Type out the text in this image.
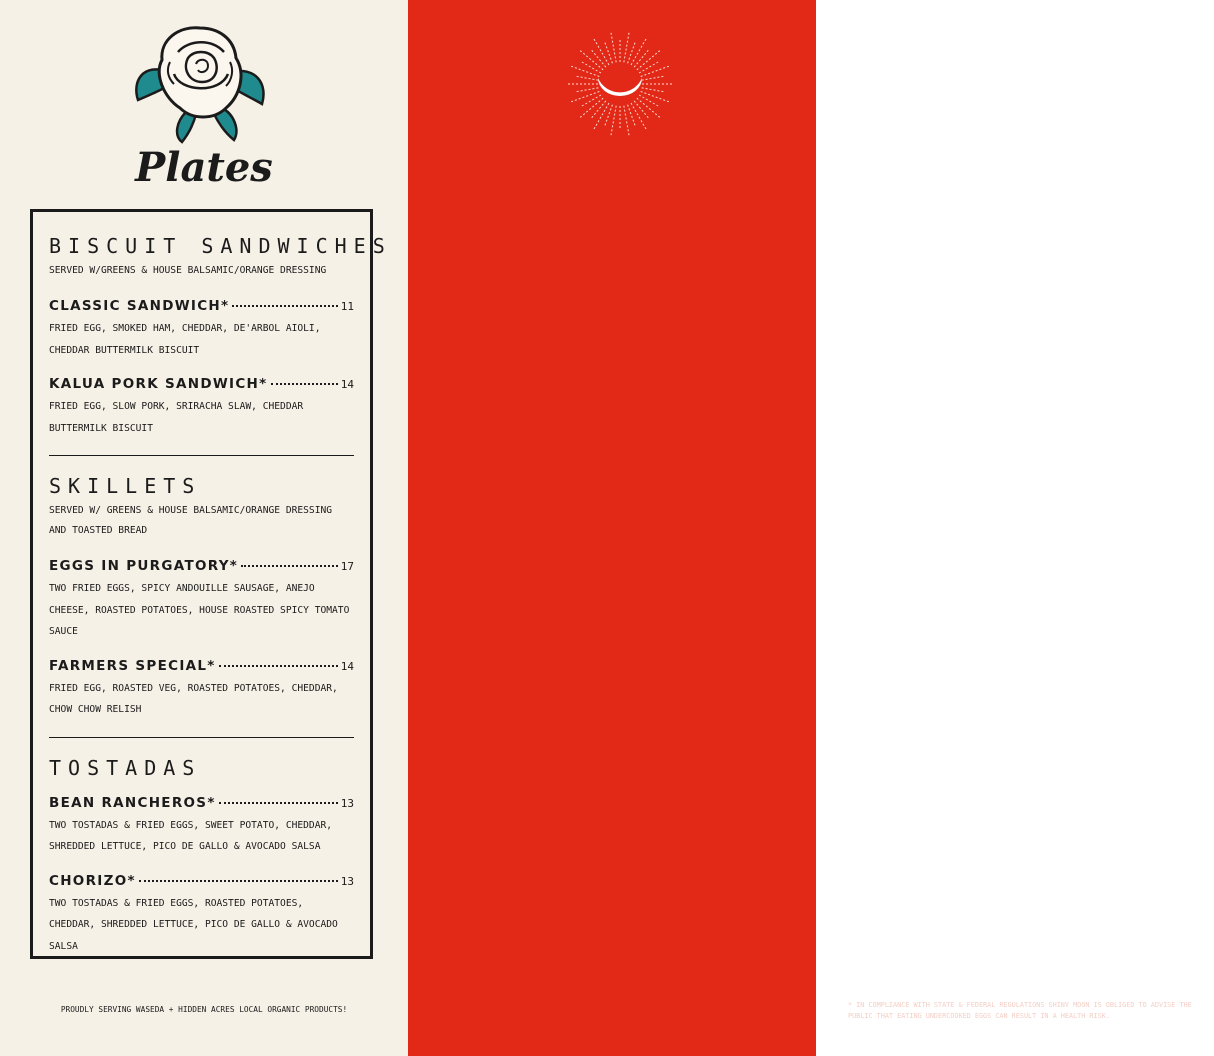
Plates
BISCUIT SANDWICHES
SERVED W/GREENS & HOUSE BALSAMIC/ORANGE DRESSING
CLASSIC SANDWICH*	11
FRIED EGG, SMOKED HAM, CHEDDAR, DE'ARBOL AIOLI, CHEDDAR BUTTERMILK BISCUIT
KALUA PORK SANDWICH*	14
FRIED EGG, SLOW PORK, SRIRACHA SLAW, CHEDDAR BUTTERMILK BISCUIT
SKILLETS
SERVED W/ GREENS & HOUSE BALSAMIC/ORANGE DRESSING AND TOASTED BREAD
EGGS IN PURGATORY*	17
TWO FRIED EGGS, SPICY ANDOUILLE SAUSAGE, ANEJO CHEESE, ROASTED POTATOES, HOUSE ROASTED SPICY TOMATO SAUCE
FARMERS SPECIAL*	14
FRIED EGG, ROASTED VEG, ROASTED POTATOES, CHEDDAR, CHOW CHOW RELISH
TOSTADAS
BEAN RANCHEROS*	13
TWO TOSTADAS & FRIED EGGS, SWEET POTATO, CHEDDAR, SHREDDED LETTUCE, PICO DE GALLO & AVOCADO SALSA
CHORIZO*	13
TWO TOSTADAS & FRIED EGGS, ROASTED POTATOES, CHEDDAR, SHREDDED LETTUCE, PICO DE GALLO & AVOCADO SALSA
PROUDLY SERVING WASEDA + HIDDEN ACRES LOCAL ORGANIC PRODUCTS!
DU JOUR
QUICHE	11
SERVED W/ GREENS & HOUSE BALSAMIC/ORANGE DRESSING
SOUP (FALL & WINTER)	M/P
SALAD (SPRING & SUMMER)	M/P
SANDWICHES
SERVED WITH WITH GREENS & KETTLE CHIPS
HOT PRESSED CUBAN	15
SLOW PORK, HAM, SWISS, MUSTARD & DILL PICKLES
CHICKEN CAESAR	13
HOUSE CAESAR DRESSING, GREENS ON A TOASTED BATARD
CLASSICS
SERVED WITH WITH GREENS & KETTLE CHIPS
EGG SALAD	11
HOUSE EGG SALAD, CELERY & HERBS ON A CROISSANT
TERRAGON CHICKEN SALAD	13
HOUSE CHICKEN SALAD, PECANS, GRAPES ON A CROISSANT
SNACKS
GRANOLA BOWL	8
HOUSEMADE GRANOLA, GREEK YOGURT, FRUIT, CHIA AND HONEY
BUTTERMILK BISCUIT	4
HOUSEMADE CHEDDAR BUTTERMILK WITH BUTTER
HOUSEMADE BAKERY	M/P
SPECIALS TO CHANGE DAILY
* IN COMPLIANCE WITH STATE & FEDERAL REGULATIONS SHINY MOON IS OBLIGED TO ADVISE THE PUBLIC THAT EATING UNDERCOOKED EGGS CAN RESULT IN A HEALTH RISK.
